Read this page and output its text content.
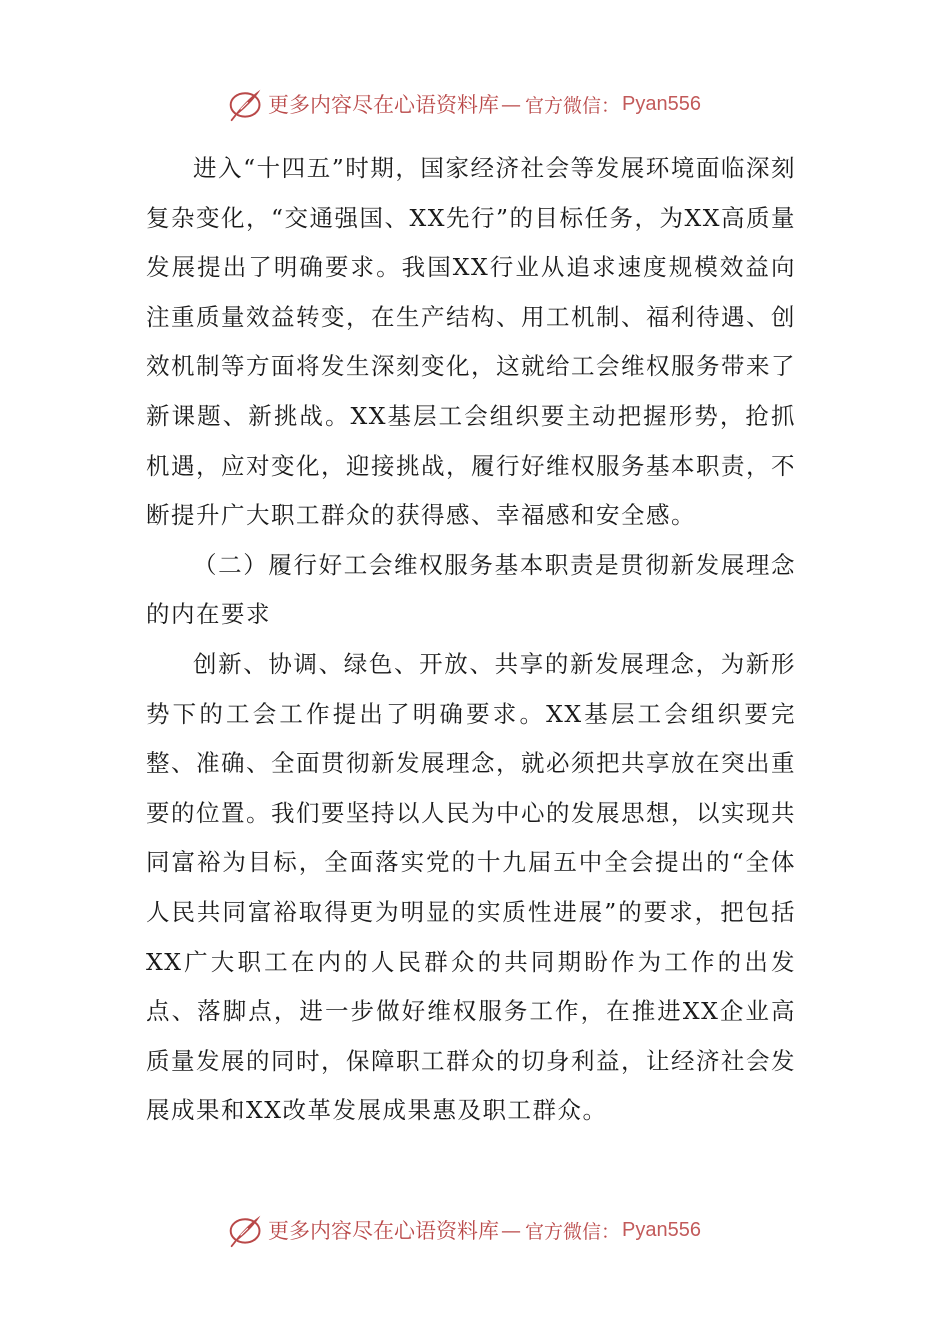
更多内容尽在心语资料库 — 官方微信： Pyan556

进入“十四五”时期，国家经济社会等发展环境面临深刻复杂变化，“交通强国、XX先行”的目标任务，为XX高质量发展提出了明确要求。我国XX行业从追求速度规模效益向注重质量效益转变，在生产结构、用工机制、福利待遇、创效机制等方面将发生深刻变化，这就给工会维权服务带来了新课题、新挑战。XX基层工会组织要主动把握形势，抢抓机遇，应对变化，迎接挑战，履行好维权服务基本职责，不断提升广大职工群众的获得感、幸福感和安全感。

（二）履行好工会维权服务基本职责是贯彻新发展理念的内在要求

创新、协调、绿色、开放、共享的新发展理念，为新形势下的工会工作提出了明确要求。XX基层工会组织要完整、准确、全面贯彻新发展理念，就必须把共享放在突出重要的位置。我们要坚持以人民为中心的发展思想，以实现共同富裕为目标，全面落实党的十九届五中全会提出的“全体人民共同富裕取得更为明显的实质性进展”的要求，把包括XX广大职工在内的人民群众的共同期盼作为工作的出发点、落脚点，进一步做好维权服务工作，在推进XX企业高质量发展的同时，保障职工群众的切身利益，让经济社会发展成果和XX改革发展成果惠及职工群众。

更多内容尽在心语资料库 — 官方微信： Pyan556
